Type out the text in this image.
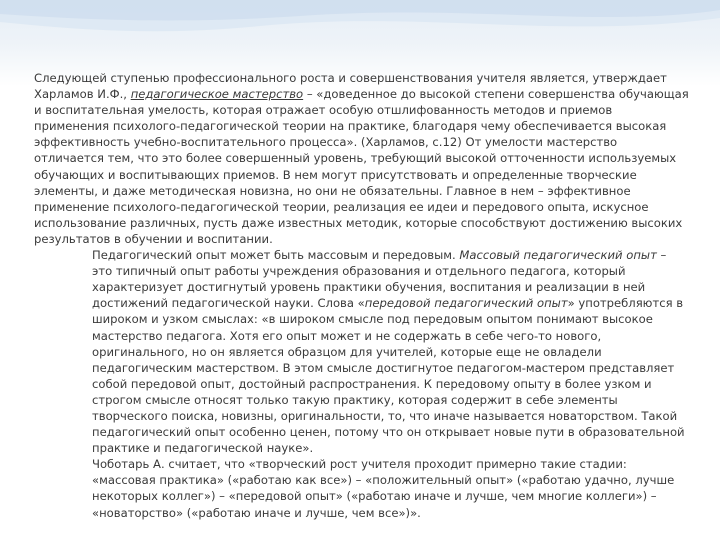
Следующей ступенью профессионального роста и совершенствования учителя является, утверждает Харламов И.Ф., педагогическое мастерство – «доведенное до высокой степени совершенства обучающая и воспитательная умелость, которая отражает особую отшлифованность методов и приемов применения психолого-педагогической теории на практике, благодаря чему обеспечивается высокая эффективность учебно-воспитательного процесса». (Харламов, с.12) От умелости мастерство отличается тем, что это более совершенный уровень, требующий высокой отточенности используемых обучающих и воспитывающих приемов. В нем могут присутствовать и определенные творческие элементы, и даже методическая новизна, но они не обязательны. Главное в нем – эффективное применение психолого-педагогической теории, реализация ее идеи и передового опыта, искусное использование различных, пусть даже известных методик, которые способствуют достижению высоких результатов в обучении и воспитании.

Педагогический опыт может быть массовым и передовым. Массовый педагогический опыт – это типичный опыт работы учреждения образования и отдельного педагога, который характеризует достигнутый уровень практики обучения, воспитания и реализации в ней достижений педагогической науки. Слова «передовой педагогический опыт» употребляются в широком и узком смыслах: «в широком смысле под передовым опытом понимают высокое мастерство педагога. Хотя его опыт может и не содержать в себе чего-то нового, оригинального, но он является образцом для учителей, которые еще не овладели педагогическим мастерством. В этом смысле достигнутое педагогом-мастером представляет собой передовой опыт, достойный распространения. К передовому опыту в более узком и строгом смысле относят только такую практику, которая содержит в себе элементы творческого поиска, новизны, оригинальности, то, что иначе называется новаторством. Такой педагогический опыт особенно ценен, потому что он открывает новые пути в образовательной практике и педагогической науке».

Чоботарь А. считает, что «творческий рост учителя проходит примерно такие стадии: «массовая практика» («работаю как все») – «положительный опыт» («работаю удачно, лучше некоторых коллег») – «передовой опыт» («работаю иначе и лучше, чем многие коллеги») – «новаторство» («работаю иначе и лучше, чем все»)».
